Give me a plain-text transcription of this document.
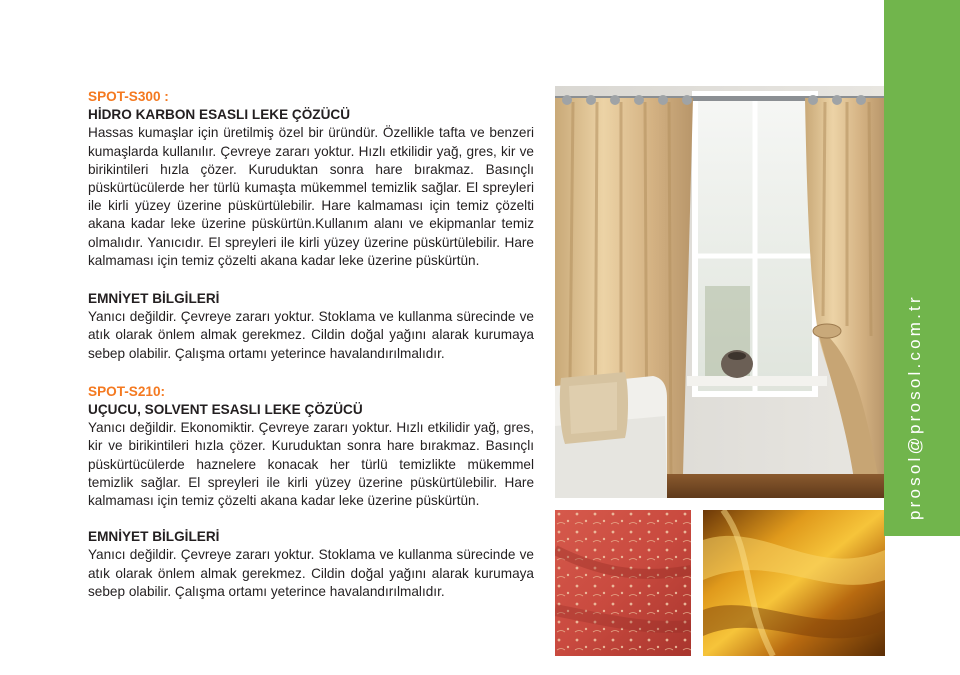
SPOT-S300 :
HİDRO KARBON ESASLI LEKE ÇÖZÜCÜ

Hassas kumaşlar için üretilmiş özel bir üründür. Özellikle tafta ve benzeri kumaşlarda kullanılır. Çevreye zararı yoktur. Hızlı etkilidir yağ, gres, kir ve birikintileri hızla çözer. Kuruduktan sonra hare bırakmaz. Basınçlı püskürtücülerde her türlü kumaşta mükemmel temizlik sağlar. El spreyleri ile kirli yüzey üzerine püskürtülebilir. Hare kalmaması için temiz çözelti akana kadar leke üzerine püskürtün.Kullanım alanı ve ekipmanlar temiz olmalıdır. Yanıcıdır. El spreyleri ile kirli yüzey üzerine püskürtülebilir. Hare kalmaması için temiz çözelti akana kadar leke üzerine püskürtün.

EMNİYET BİLGİLERİ

Yanıcı değildir. Çevreye zararı yoktur. Stoklama ve kullanma sürecinde ve atık olarak önlem almak gerekmez. Cildin doğal yağını alarak kurumaya sebep olabilir. Çalışma ortamı yeterince havalandırılmalıdır.

SPOT-S210:
UÇUCU, SOLVENT ESASLI LEKE ÇÖZÜCÜ

Yanıcı değildir. Ekonomiktir. Çevreye zararı yoktur. Hızlı etkilidir yağ, gres, kir ve birikintileri hızla çözer. Kuruduktan sonra hare bırakmaz. Basınçlı püskürtücülerde haznelere konacak her türlü temizlikte mükemmel temizlik sağlar. El spreyleri ile kirli yüzey üzerine püskürtülebilir. Hare kalmaması için temiz çözelti akana kadar leke üzerine püskürtün.

EMNİYET BİLGİLERİ

Yanıcı değildir. Çevreye zararı yoktur. Stoklama ve kullanma sürecinde ve atık olarak önlem almak gerekmez. Cildin doğal yağını alarak kurumaya sebep olabilir. Çalışma ortamı yeterince havalandırılmalıdır.

prosol@prosol.com.tr
